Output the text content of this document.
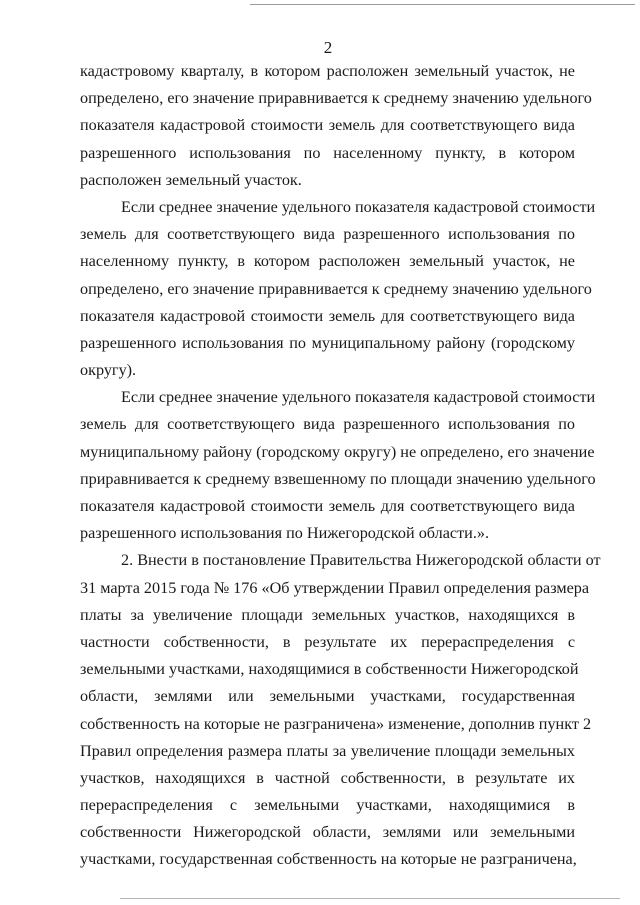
2
кадастровому кварталу, в котором расположен земельный участок, не
определено, его значение приравнивается к среднему значению удельного
показателя кадастровой стоимости земель для соответствующего вида
разрешенного использования по населенному пункту, в котором
расположен земельный участок.
Если среднее значение удельного показателя кадастровой стоимости
земель для соответствующего вида разрешенного использования по
населенному пункту, в котором расположен земельный участок, не
определено, его значение приравнивается к среднему значению удельного
показателя кадастровой стоимости земель для соответствующего вида
разрешенного использования по муниципальному району (городскому
округу).
Если среднее значение удельного показателя кадастровой стоимости
земель для соответствующего вида разрешенного использования по
муниципальному району (городскому округу) не определено, его значение
приравнивается к среднему взвешенному по площади значению удельного
показателя кадастровой стоимости земель для соответствующего вида
разрешенного использования по Нижегородской области.».
2. Внести в постановление Правительства Нижегородской области от
31 марта 2015 года № 176 «Об утверждении Правил определения размера
платы за увеличение площади земельных участков, находящихся в
частности собственности, в результате их перераспределения с
земельными участками, находящимися в собственности Нижегородской
области, землями или земельными участками, государственная
собственность на которые не разграничена» изменение, дополнив пункт 2
Правил определения размера платы за увеличение площади земельных
участков, находящихся в частной собственности, в результате их
перераспределения с земельными участками, находящимися в
собственности Нижегородской области, землями или земельными
участками, государственная собственность на которые не разграничена,
